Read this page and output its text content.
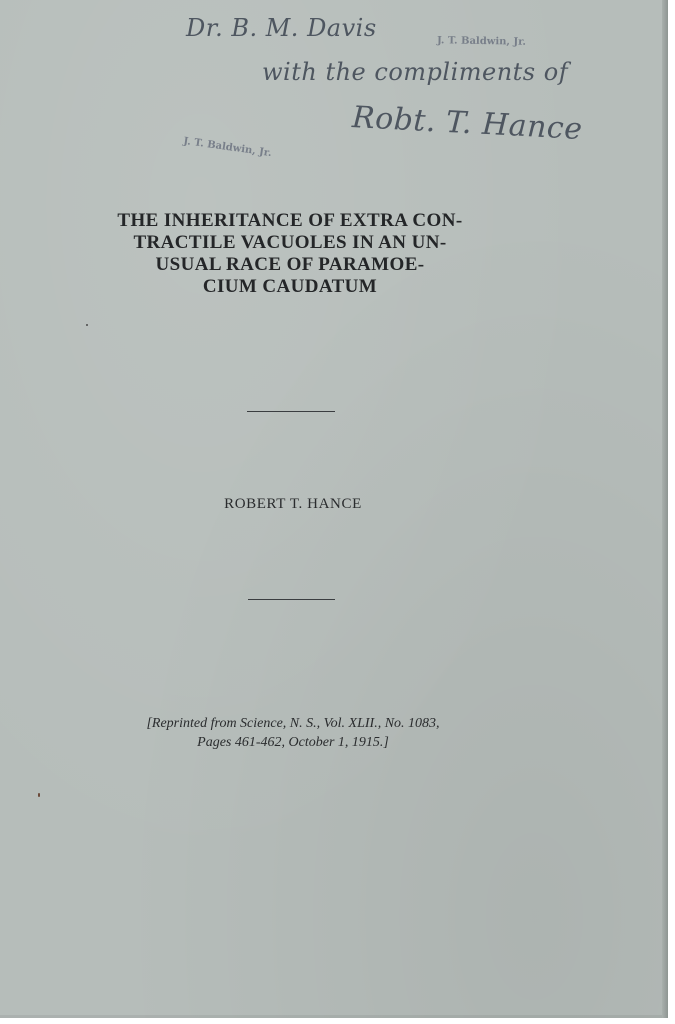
Dr. B. M. Davis
with the compliments of
Robt. T. Hance
J. T. Baldwin, Jr.
J. T. Baldwin, Jr.
THE INHERITANCE OF EXTRA CON-
TRACTILE VACUOLES IN AN UN-
USUAL RACE OF PARAMOE-
CIUM CAUDATUM
ROBERT T. HANCE
[Reprinted from Science, N. S., Vol. XLII., No. 1083,
Pages 461-462, October 1, 1915.]
